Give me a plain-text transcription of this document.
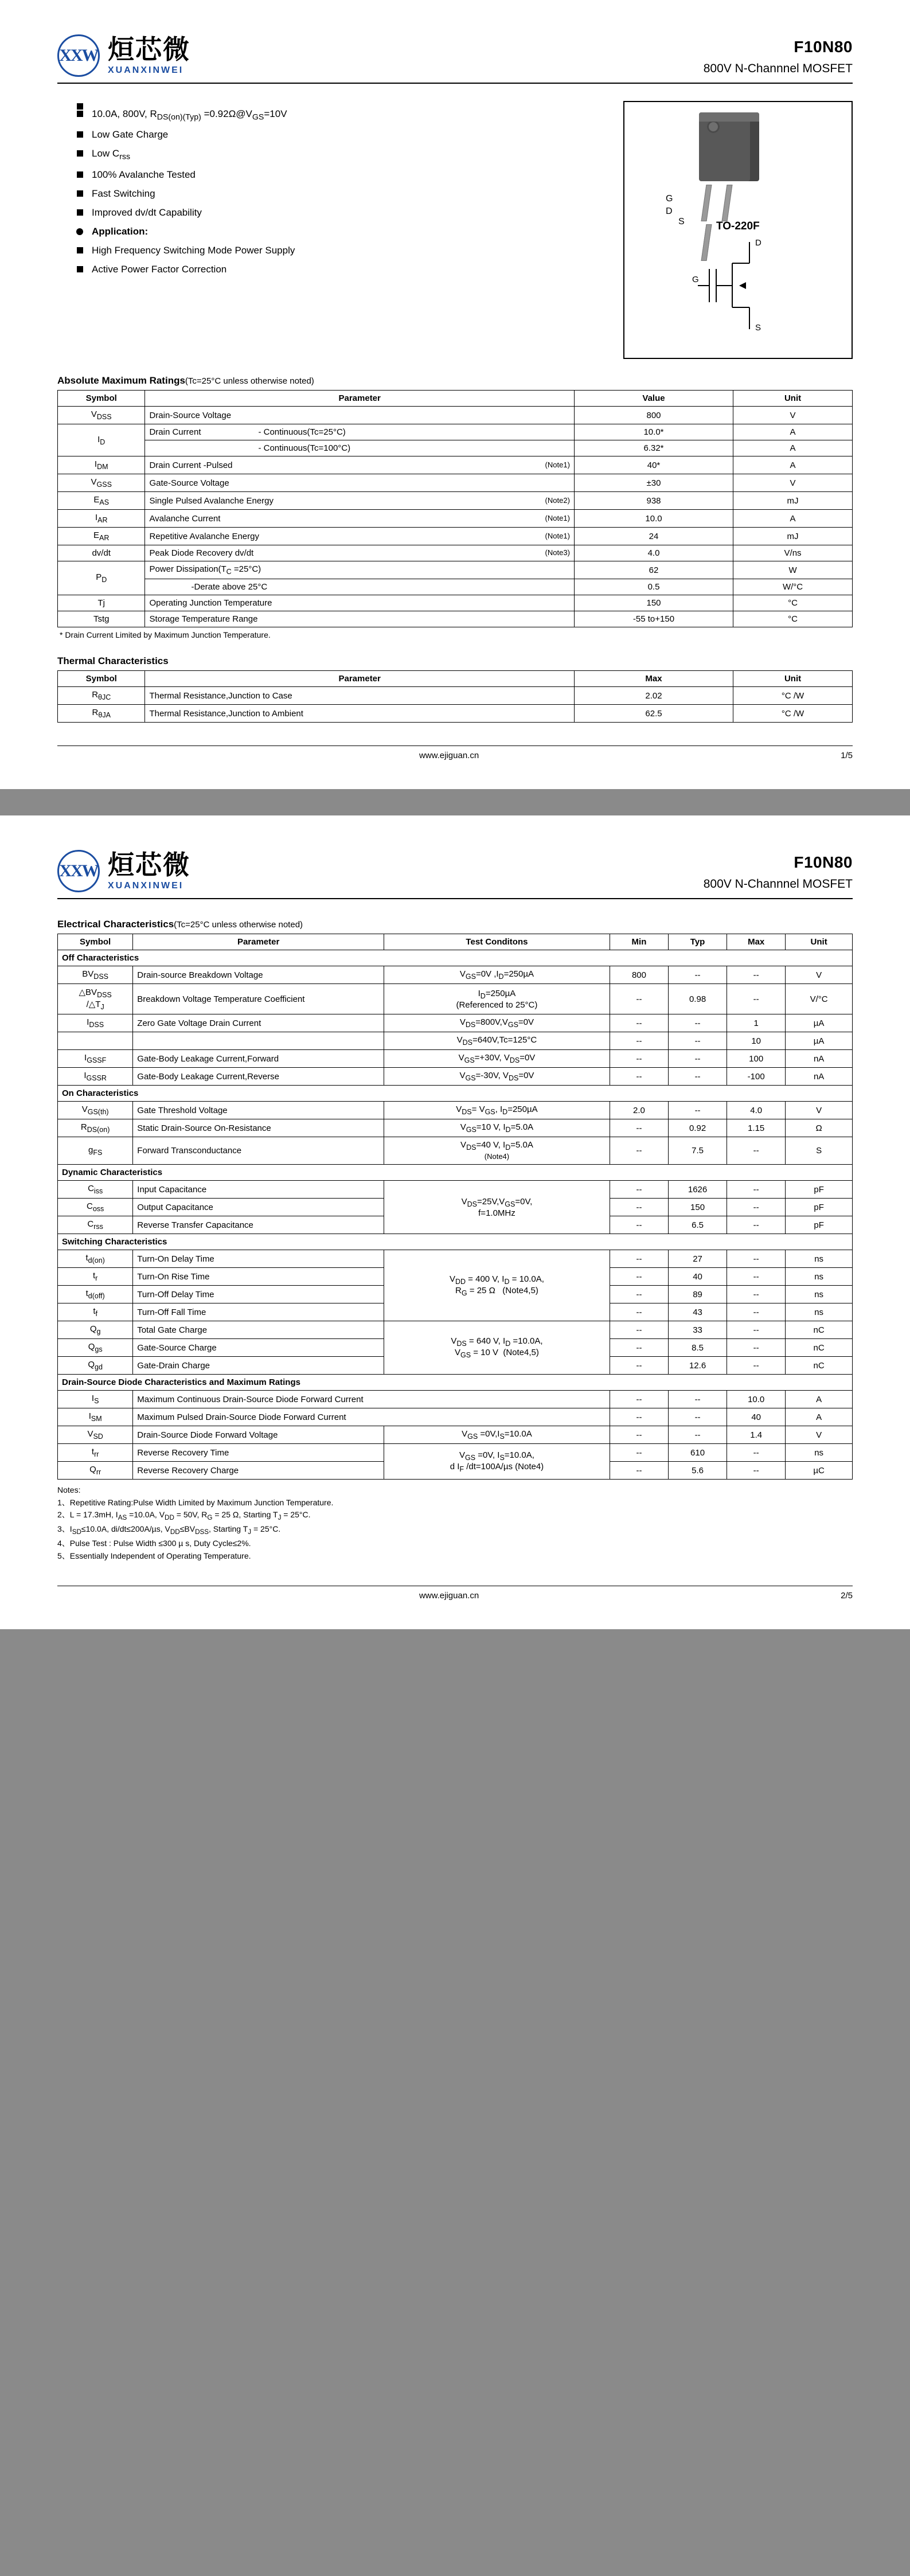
XXW 烜芯微
XUANXINWEI
F10N80
800V N-Channnel MOSFET
10.0A, 800V, $R_{DS(on)(Typ)}$ $=0.92\Omega@V_{GS}=10V$
Low Gate Charge
Low $C_{rss}$
100% Avalanche Tested
Fast Switching
Improved dv/dt Capability
Application:
High Frequency Switching Mode Power Supply
Active Power Factor Correction
G
D
S	TO-220F
D
G
S
Absolute Maximum Ratings(Tc=25°C unless otherwise noted)
Symbol	Parameter	Value	Unit
$V_{DSS}$	Drain-Source Voltage	800	V
$I_D$	Drain Current - Continuous(Tc=25°C)	10.0*	A
	- Continuous(Tc=100°C)	6.32*	A
$I_{DM}$	Drain Current -Pulsed (Note1)	40*	A
$V_{GSS}$	Gate-Source Voltage	±30	V
$E_{AS}$	Single Pulsed Avalanche Energy (Note2)	938	mJ
$I_{AR}$	Avalanche Current (Note1)	10.0	A
$E_{AR}$	Repetitive Avalanche Energy (Note1)	24	mJ
dv/dt	Peak Diode Recovery dv/dt (Note3)	4.0	V/ns
$P_D$	Power $Dissipation(T_C =25^\circ C)$	62	W
	-Derate above 25°C	0.5	W/°C
Tj	Operating Junction Temperature	150	°C
Tstg	Storage Temperature Range	-55 to+150	°C
* Drain Current Limited by Maximum Junction Temperature.
Thermal Characteristics
Symbol	Parameter	Max	Unit
$R_{\theta JC}$	Thermal Resistance,Junction to Case	2.02	°C /W
$R_{\theta JA}$	Thermal Resistance,Junction to Ambient	62.5	°C /W
www.ejiguan.cn	1/5
XXW 烜芯微
XUANXINWEI
F10N80
800V N-Channnel MOSFET
Electrical Characteristics(Tc=25°C unless otherwise noted)
Symbol	Parameter	Test Conditons	Min	Typ	Max	Unit
Off Characteristics						
$BV_{DSS}$	Drain-source Breakdown Voltage	$V_{GS}=0V$ $,I_D=250\mu A$	800	--	--	V
$\triangle BV_{DSS}$
$/\triangle T_J$	Breakdown Voltage Temperature Coefficient	$I_D=250\mu A$
(Referenced to 25°C)	--	0.98	--	V/°C
$I_{DSS}$	Zero Gate Voltage Drain Current	$V_{DS}=800V,V_{GS}=0V$	--	--	1	µA
		$V_{DS}=640V,Tc=125^\circ C$	--	--	10	µA
$I_{GSSF}$	Gate-Body Leakage Current,Forward	$V_{GS}=+30V$, $V_{DS}=0V$	--	--	100	nA
$I_{GSSR}$	Gate-Body Leakage Current,Reverse	$V_{GS}=-30V$, $V_{DS}=0V$	--	--	-100	nA
On Characteristics						
$V_{GS(th)}$	Gate Threshold Voltage	$V_{DS}= V_{GS}$, $I_D=250\mu A$	2.0	--	4.0	V
$R_{DS(on)}$	Static Drain-Source On-Resistance	$V_{GS}=10$ V, $I_D=5.0A$	--	0.92	1.15	Ω
$g_{FS}$	Forward Transconductance	$V_{DS}=40$ V, $I_D=5.0A$
(Note4)	--	7.5	--	S
Dynamic Characteristics						
$C_{iss}$	Input Capacitance	$V_{DS}=25V,V_{GS}=0V$,
f=1.0MHz	--	1626	--	pF
$C_{oss}$	Output Capacitance		--	150	--	pF
$C_{rss}$	Reverse Transfer Capacitance		--	6.5	--	pF
Switching Characteristics						
$t_{d(on)}$	Turn-On Delay Time	$V_{DD} = 400$ V, $I_D = 10.0A$,
$R_G = 25$ Ω   (Note4,5)	--	27	--	ns
$t_r$	Turn-On Rise Time		--	40	--	ns
$t_{d(off)}$	Turn-Off Delay Time		--	89	--	ns
$t_f$	Turn-Off Fall Time		--	43	--	ns
$Q_g$	Total Gate Charge	$V_{DS} = 640$ V, $I_D =10.0A$,
$V_{GS} = 10$ V  (Note4,5)	--	33	--	nC
$Q_{gs}$	Gate-Source Charge		--	8.5	--	nC
$Q_{gd}$	Gate-Drain Charge		--	12.6	--	nC
Drain-Source Diode Characteristics and Maximum Ratings						
$I_S$	Maximum Continuous Drain-Source Diode Forward Current		--	--	10.0	A
$I_{SM}$	Maximum Pulsed Drain-Source Diode Forward Current		--	--	40	A
$V_{SD}$	Drain-Source Diode Forward Voltage	$V_{GS} =0V,I_S=10.0A$	--	--	1.4	V
$t_{rr}$	Reverse Recovery Time	$V_{GS} =0V$, $I_S=10.0A$,
d $I_F$ /dt=100A/µs (Note4)	--	610	--	ns
$Q_{rr}$	Reverse Recovery Charge		--	5.6	--	µC
Notes:
1、Repetitive Rating:Pulse Width Limited by Maximum Junction Temperature.
2、L = 17.3mH, $I_{AS} =10.0A$, $V_{DD} = 50V$, $R_G = 25$ Ω, Starting $T_J = 25^\circ C$.
3、$I_{SD}\le 10.0A$, di/dt≤200A/µs, $V_{DD}\le BV_{DSS}$, Starting $T_J = 25^\circ C$.
4、Pulse Test : Pulse Width ≤300 µ s, Duty Cycle≤2%.
5、Essentially Independent of Operating Temperature.
www.ejiguan.cn	2/5
